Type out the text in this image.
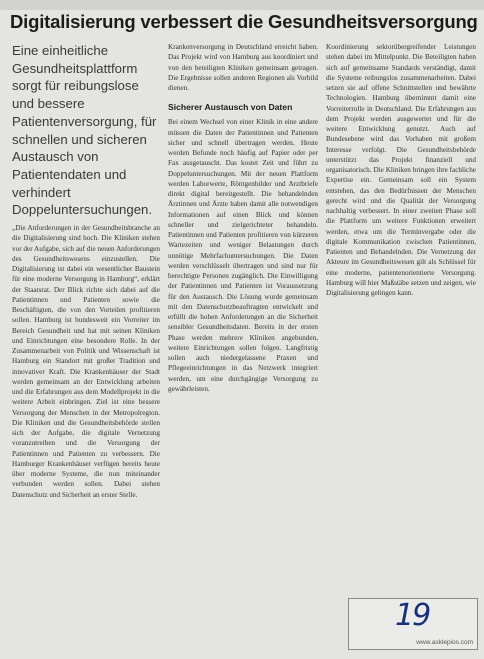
Digitalisierung verbessert die Gesundheitsversorgung

Eine einheitliche Gesundheitsplattform sorgt für reibungslose und bessere Patientenversorgung, für schnellen und sicheren Austausch von Patientendaten und verhindert Doppeluntersuchungen.

„Die Anforderungen in der Gesundheitsbranche an die Digitalisierung sind hoch. Die Kliniken stehen vor der Aufgabe, sich auf die neuen Anforderungen des Gesundheitswesens einzustellen. Die Digitalisierung ist dabei ein wesentlicher Baustein für eine moderne Versorgung in Hamburg“, erklärt der Staatsrat. Der Blick richte sich dabei auf die Patientinnen und Patienten sowie die Beschäftigten, die von den Vorteilen profitieren sollen. Hamburg ist bundesweit ein Vorreiter im Bereich Gesundheit und hat mit seinen Kliniken und Einrichtungen eine besondere Rolle. In der Zusammenarbeit von Politik und Wissenschaft ist Hamburg ein Standort mit großer Tradition und innovativer Kraft. Die Krankenhäuser der Stadt werden gemeinsam an der Entwicklung arbeiten und die Erfahrungen aus dem Modellprojekt in die weitere Arbeit einbringen. Ziel ist eine bessere Versorgung der Menschen in der Metropolregion. Die Kliniken und die Gesundheitsbehörde stellen sich der Aufgabe, die digitale Vernetzung voranzutreiben und die Versorgung der Patientinnen und Patienten zu verbessern. Die Hamburger Krankenhäuser verfügen bereits heute über moderne Systeme, die nun miteinander verbunden werden sollen. Dabei stehen Datenschutz und Sicherheit an erster Stelle.

Krankenversorgung in Deutschland erreicht haben. Das Projekt wird von Hamburg aus koordiniert und von den beteiligten Kliniken gemeinsam getragen. Die Ergebnisse sollen anderen Regionen als Vorbild dienen.

Sicherer Austausch von Daten

Bei einem Wechsel von einer Klinik in eine andere müssen die Daten der Patientinnen und Patienten sicher und schnell übertragen werden. Heute werden Befunde noch häufig auf Papier oder per Fax ausgetauscht. Das kostet Zeit und führt zu Doppeluntersuchungen. Mit der neuen Plattform werden Laborwerte, Röntgenbilder und Arztbriefe direkt digital bereitgestellt. Die behandelnden Ärztinnen und Ärzte haben damit alle notwendigen Informationen auf einen Blick und können schneller und zielgerichteter behandeln. Patientinnen und Patienten profitieren von kürzeren Wartezeiten und weniger Belastungen durch unnötige Mehrfachuntersuchungen. Die Daten werden verschlüsselt übertragen und sind nur für berechtigte Personen zugänglich. Die Einwilligung der Patientinnen und Patienten ist Voraussetzung für den Austausch. Die Lösung wurde gemeinsam mit den Datenschutzbeauftragten entwickelt und erfüllt die hohen Anforderungen an die Sicherheit sensibler Gesundheitsdaten. Bereits in der ersten Phase werden mehrere Kliniken angebunden, weitere Einrichtungen sollen folgen. Langfristig sollen auch niedergelassene Praxen und Pflegeeinrichtungen in das Netzwerk integriert werden, um eine durchgängige Versorgung zu gewährleisten.

Koordinierung sektorübergreifender Leistungen stehen dabei im Mittelpunkt. Die Beteiligten haben sich auf gemeinsame Standards verständigt, damit die Systeme reibungslos zusammenarbeiten. Dabei setzen sie auf offene Schnittstellen und bewährte Technologien. Hamburg übernimmt damit eine Vorreiterrolle in Deutschland. Die Erfahrungen aus dem Projekt werden ausgewertet und für die weitere Entwicklung genutzt. Auch auf Bundesebene wird das Vorhaben mit großem Interesse verfolgt. Die Gesundheitsbehörde unterstützt das Projekt finanziell und organisatorisch. Die Kliniken bringen ihre fachliche Expertise ein. Gemeinsam soll ein System entstehen, das den Bedürfnissen der Menschen gerecht wird und die Qualität der Versorgung nachhaltig verbessert. In einer zweiten Phase soll die Plattform um weitere Funktionen erweitert werden, etwa um die Terminvergabe oder die digitale Kommunikation zwischen Patientinnen, Patienten und Behandelnden. Die Vernetzung der Akteure im Gesundheitswesen gilt als Schlüssel für eine moderne, patientenorientierte Versorgung. Hamburg will hier Maßstäbe setzen und zeigen, wie Digitalisierung gelingen kann.

19
www.asklepios.com
